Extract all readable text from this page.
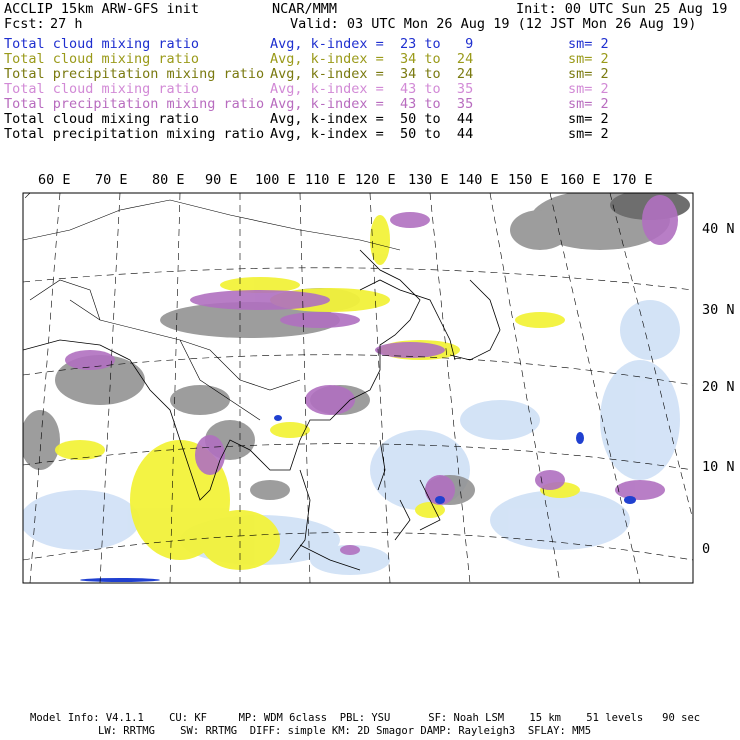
ACCLIP 15km ARW-GFS init	NCAR/MMM	Init: 00 UTC Sun 25 Aug 19
Fcst: 27 h	Valid: 03 UTC Mon 26 Aug 19 (12 JST Mon 26 Aug 19)
Total cloud mixing ratio	Avg, k-index =  23 to   9	sm= 2
Total cloud mixing ratio	Avg, k-index =  34 to  24	sm= 2
Total precipitation mixing ratio Avg, k-index =  34 to  24	sm= 2
Total cloud mixing ratio	Avg, k-index =  43 to  35	sm= 2
Total precipitation mixing ratio Avg, k-index =  43 to  35	sm= 2
Total cloud mixing ratio	Avg, k-index =  50 to  44	sm= 2
Total precipitation mixing ratio Avg, k-index =  50 to  44	sm= 2
60 E 70 E 80 E 90 E 100 E 110 E 120 E 130 E 140 E 150 E 160 E 170 E
40 N
30 N
20 N
10 N
0
Model Info: V4.1.1    CU: KF     MP: WDM 6class  PBL: YSU      SF: Noah LSM    15 km    51 levels   90 sec
LW: RRTMG    SW: RRTMG  DIFF: simple KM: 2D Smagor DAMP: Rayleigh3  SFLAY: MM5
